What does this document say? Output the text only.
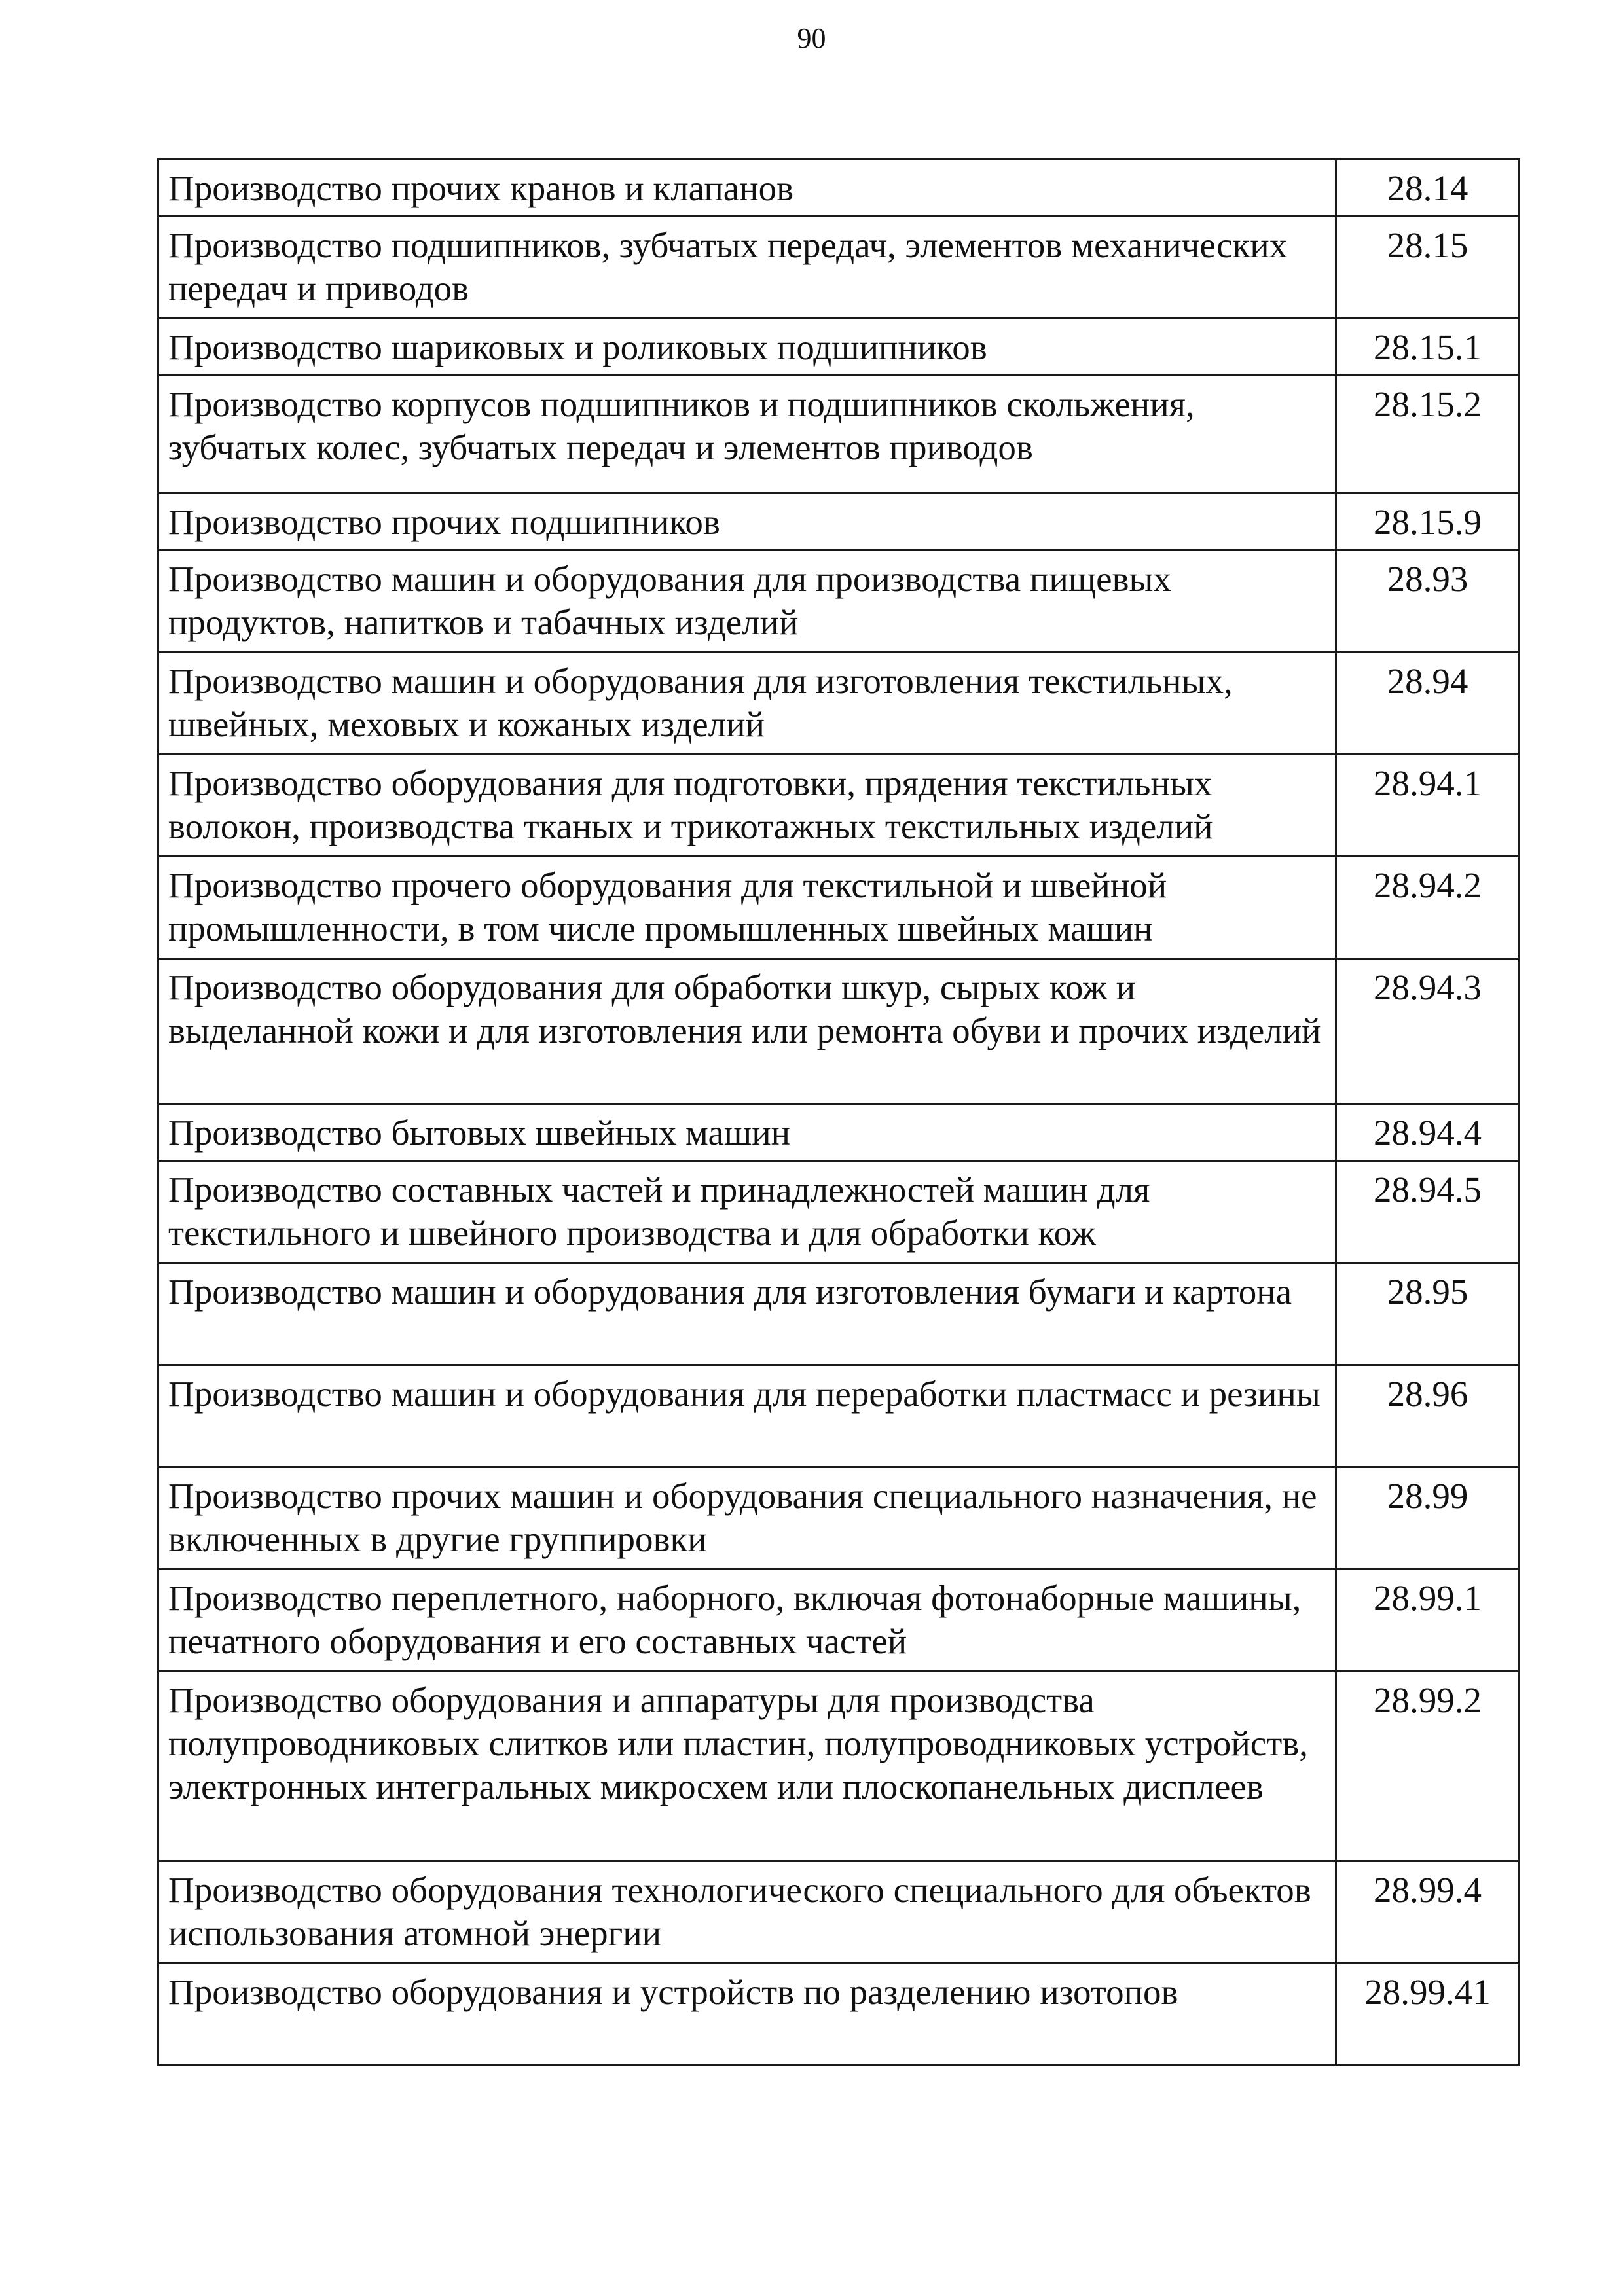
90
Производство прочих кранов и клапанов	28.14
Производство подшипников, зубчатых передач, элементов механических передач и приводов	28.15
Производство шариковых и роликовых подшипников	28.15.1
Производство корпусов подшипников и подшипников скольжения, зубчатых колес, зубчатых передач и элементов приводов	28.15.2
Производство прочих подшипников	28.15.9
Производство машин и оборудования для производства пищевых продуктов, напитков и табачных изделий	28.93
Производство машин и оборудования для изготовления текстильных, швейных, меховых и кожаных изделий	28.94
Производство оборудования для подготовки, прядения текстильных волокон, производства тканых и трикотажных текстильных изделий	28.94.1
Производство прочего оборудования для текстильной и швейной промышленности, в том числе промышленных швейных машин	28.94.2
Производство оборудования для обработки шкур, сырых кож и выделанной кожи и для изготовления или ремонта обуви и прочих изделий	28.94.3
Производство бытовых швейных машин	28.94.4
Производство составных частей и принадлежностей машин для текстильного и швейного производства и для обработки кож	28.94.5
Производство машин и оборудования для изготовления бумаги и картона	28.95
Производство машин и оборудования для переработки пластмасс и резины	28.96
Производство прочих машин и оборудования специального назначения, не включенных в другие группировки	28.99
Производство переплетного, наборного, включая фотонаборные машины, печатного оборудования и его составных частей	28.99.1
Производство оборудования и аппаратуры для производства полупроводниковых слитков или пластин, полупроводниковых устройств, электронных интегральных микросхем или плоскопанельных дисплеев	28.99.2
Производство оборудования технологического специального для объектов использования атомной энергии	28.99.4
Производство оборудования и устройств по разделению изотопов	28.99.41
